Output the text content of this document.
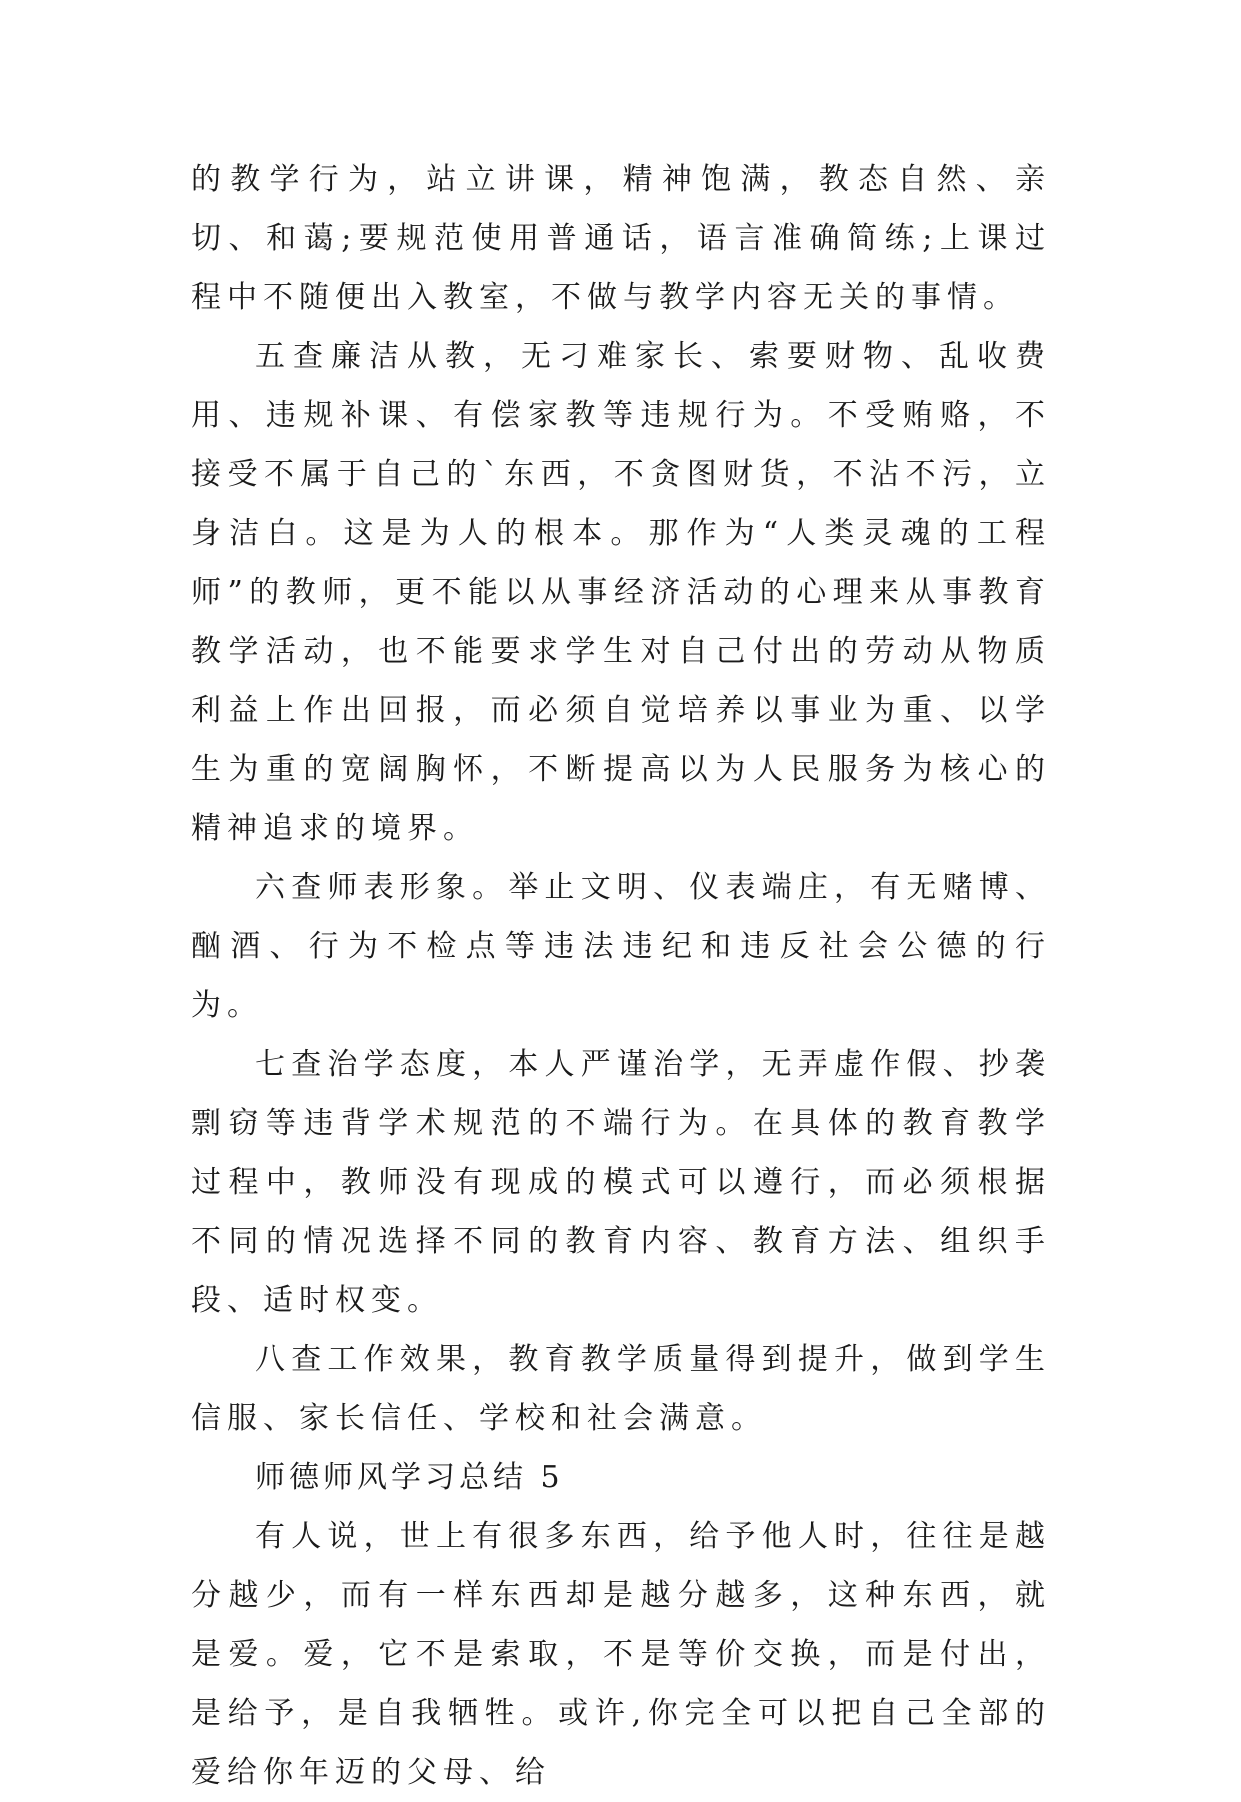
的教学行为，站立讲课，精神饱满，教态自然、亲切、和蔼;要规范使用普通话，语言准确简练;上课过程中不随便出入教室，不做与教学内容无关的事情。

五查廉洁从教，无刁难家长、索要财物、乱收费用、违规补课、有偿家教等违规行为。不受贿赂，不接受不属于自己的`东西，不贪图财货，不沾不污，立身洁白。这是为人的根本。那作为“人类灵魂的工程师”的教师，更不能以从事经济活动的心理来从事教育教学活动，也不能要求学生对自己付出的劳动从物质利益上作出回报，而必须自觉培养以事业为重、以学生为重的宽阔胸怀，不断提高以为人民服务为核心的精神追求的境界。

六查师表形象。举止文明、仪表端庄，有无赌博、酗酒、行为不检点等违法违纪和违反社会公德的行为。

七查治学态度，本人严谨治学，无弄虚作假、抄袭剽窃等违背学术规范的不端行为。在具体的教育教学过程中，教师没有现成的模式可以遵行，而必须根据不同的情况选择不同的教育内容、教育方法、组织手段、适时权变。

八查工作效果，教育教学质量得到提升，做到学生信服、家长信任、学校和社会满意。

师德师风学习总结 5

有人说，世上有很多东西，给予他人时，往往是越分越少，而有一样东西却是越分越多，这种东西，就是爱。爱，它不是索取，不是等价交换，而是付出，是给予，是自我牺牲。或许,你完全可以把自己全部的爱给你年迈的父母、给
